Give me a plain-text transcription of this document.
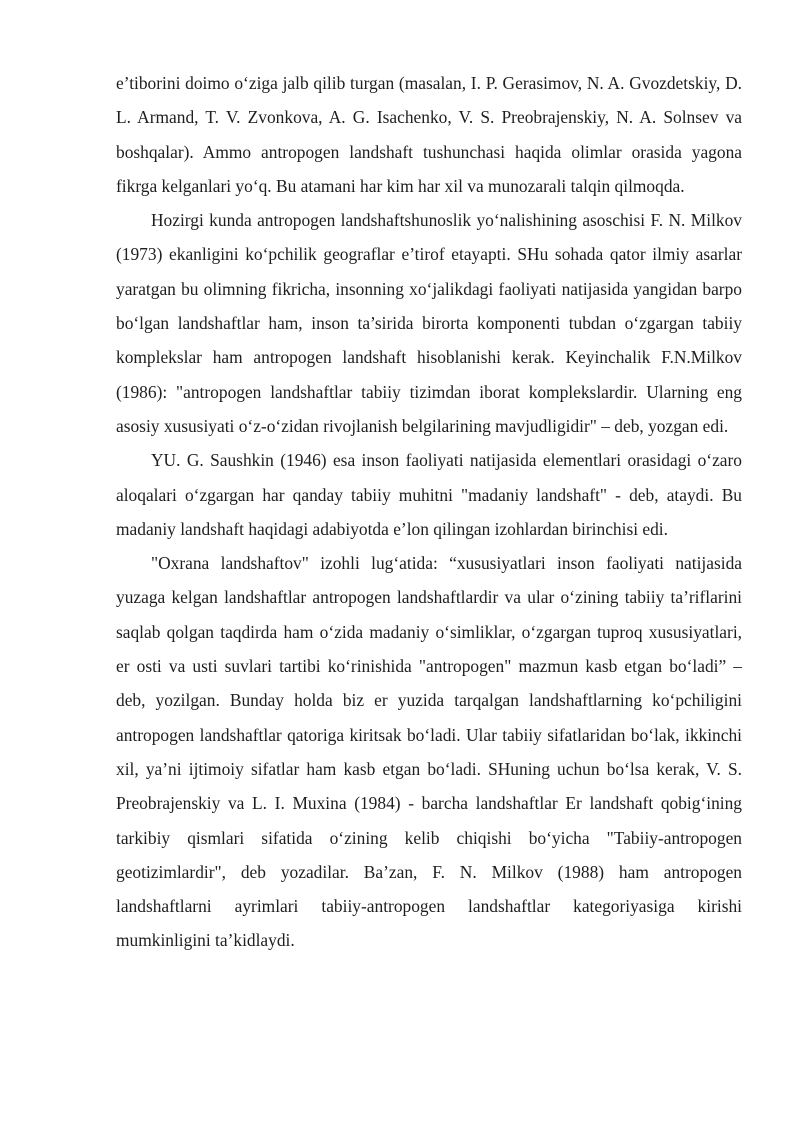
e’tiborini doimo o‘ziga jalb qilib turgan (masalan, I. P. Gerasimov, N. A. Gvozdetskiy, D. L. Armand, T. V. Zvonkova, A. G. Isachenko, V. S. Preobrajenskiy, N. A. Solnsev va boshqalar). Ammo antropogen landshaft tushunchasi haqida olimlar orasida yagona fikrga kelganlari yo‘q. Bu atamani har kim har xil va munozarali talqin qilmoqda.

Hozirgi kunda antropogen landshaftshunoslik yo‘nalishining asoschisi F. N. Milkov (1973) ekanligini ko‘pchilik geograflar e’tirof etayapti. SHu sohada qator ilmiy asarlar yaratgan bu olimning fikricha, insonning xo‘jalikdagi faoliyati natijasida yangidan barpo bo‘lgan landshaftlar ham, inson ta’sirida birorta komponenti tubdan o‘zgargan tabiiy komplekslar ham antropogen landshaft hisoblanishi kerak. Keyinchalik F.N.Milkov (1986): "antropogen landshaftlar tabiiy tizimdan iborat komplekslardir. Ularning eng asosiy xususiyati o‘z-o‘zidan rivojlanish belgilarining mavjudligidir" – deb, yozgan edi.

YU. G. Saushkin (1946) esa inson faoliyati natijasida elementlari orasidagi o‘zaro aloqalari o‘zgargan har qanday tabiiy muhitni "madaniy landshaft" - deb, ataydi. Bu madaniy landshaft haqidagi adabiyotda e’lon qilingan izohlardan birinchisi edi.

"Oxrana landshaftov" izohli lug‘atida: “xususiyatlari inson faoliyati natijasida yuzaga kelgan landshaftlar antropogen landshaftlardir va ular o‘zining tabiiy ta’riflarini saqlab qolgan taqdirda ham o‘zida madaniy o‘simliklar, o‘zgargan tuproq xususiyatlari, er osti va usti suvlari tartibi ko‘rinishida "antropogen" mazmun kasb etgan bo‘ladi” – deb, yozilgan. Bunday holda biz er yuzida tarqalgan landshaftlarning ko‘pchiligini antropogen landshaftlar qatoriga kiritsak bo‘ladi. Ular tabiiy sifatlaridan bo‘lak, ikkinchi xil, ya’ni ijtimoiy sifatlar ham kasb etgan bo‘ladi. SHuning uchun bo‘lsa kerak, V. S. Preobrajenskiy va L. I. Muxina (1984) - barcha landshaftlar Er landshaft qobig‘ining tarkibiy qismlari sifatida o‘zining kelib chiqishi bo‘yicha "Tabiiy-antropogen geotizimlardir", deb yozadilar. Ba’zan, F. N. Milkov (1988) ham antropogen landshaftlarni ayrimlari tabiiy-antropogen landshaftlar kategoriyasiga kirishi mumkinligini ta’kidlaydi.
